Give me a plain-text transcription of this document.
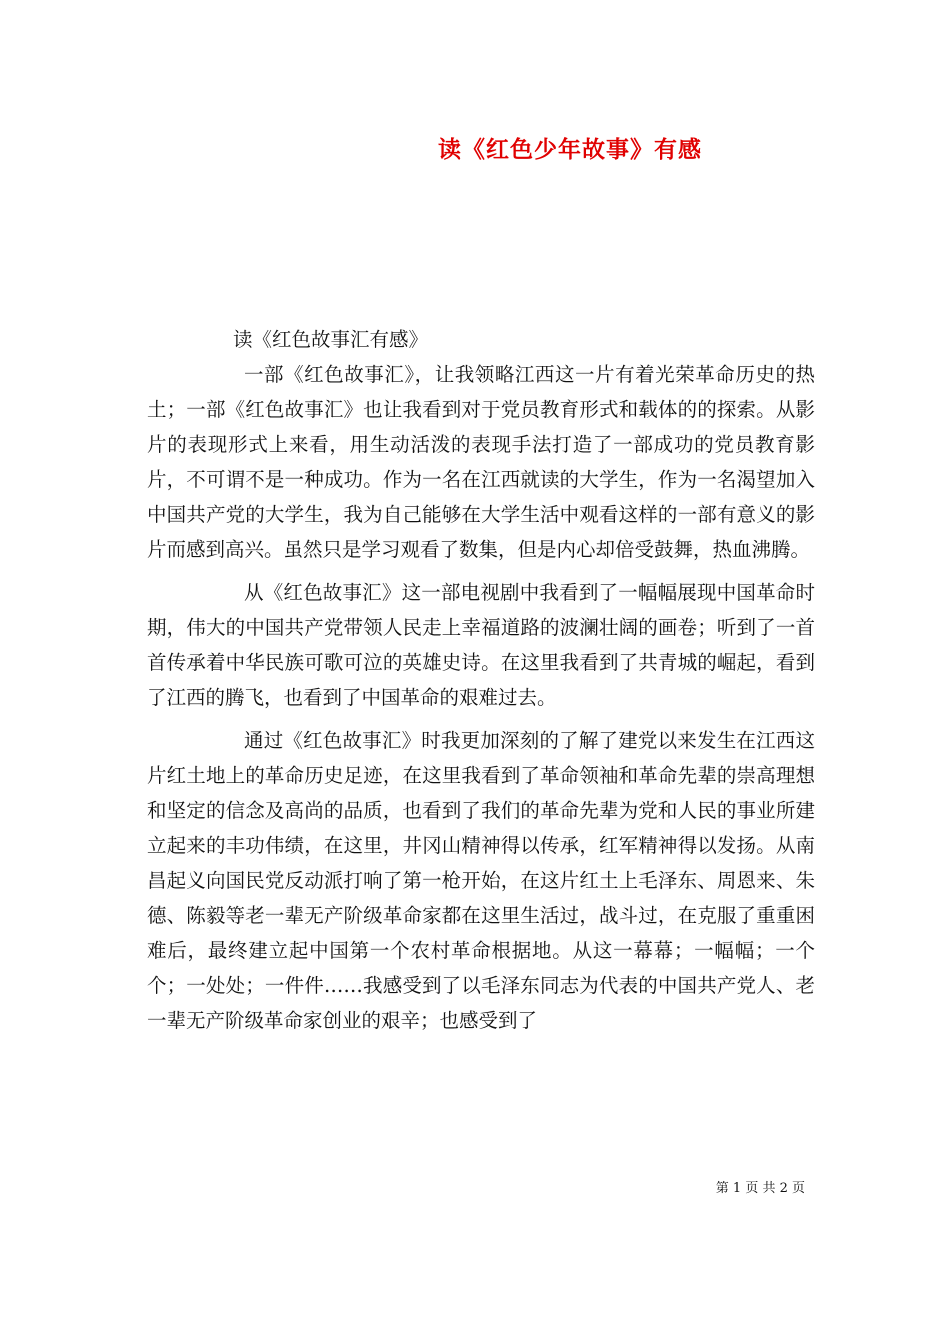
读《红色少年故事》有感

读《红色故事汇有感》

一部《红色故事汇》，让我领略江西这一片有着光荣革命历史的热土；一部《红色故事汇》也让我看到对于党员教育形式和载体的的探索。从影片的表现形式上来看，用生动活泼的表现手法打造了一部成功的党员教育影片，不可谓不是一种成功。作为一名在江西就读的大学生，作为一名渴望加入中国共产党的大学生，我为自己能够在大学生活中观看这样的一部有意义的影片而感到高兴。虽然只是学习观看了数集，但是内心却倍受鼓舞，热血沸腾。

从《红色故事汇》这一部电视剧中我看到了一幅幅展现中国革命时期，伟大的中国共产党带领人民走上幸福道路的波澜壮阔的画卷；听到了一首首传承着中华民族可歌可泣的英雄史诗。在这里我看到了共青城的崛起，看到了江西的腾飞，也看到了中国革命的艰难过去。

通过《红色故事汇》时我更加深刻的了解了建党以来发生在江西这片红土地上的革命历史足迹，在这里我看到了革命领袖和革命先辈的崇高理想和坚定的信念及高尚的品质，也看到了我们的革命先辈为党和人民的事业所建立起来的丰功伟绩，在这里，井冈山精神得以传承，红军精神得以发扬。从南昌起义向国民党反动派打响了第一枪开始，在这片红土上毛泽东、周恩来、朱德、陈毅等老一辈无产阶级革命家都在这里生活过，战斗过，在克服了重重困难后，最终建立起中国第一个农村革命根据地。从这一幕幕；一幅幅；一个个；一处处；一件件……我感受到了以毛泽东同志为代表的中国共产党人、老一辈无产阶级革命家创业的艰辛；也感受到了

第 1 页 共 2 页
